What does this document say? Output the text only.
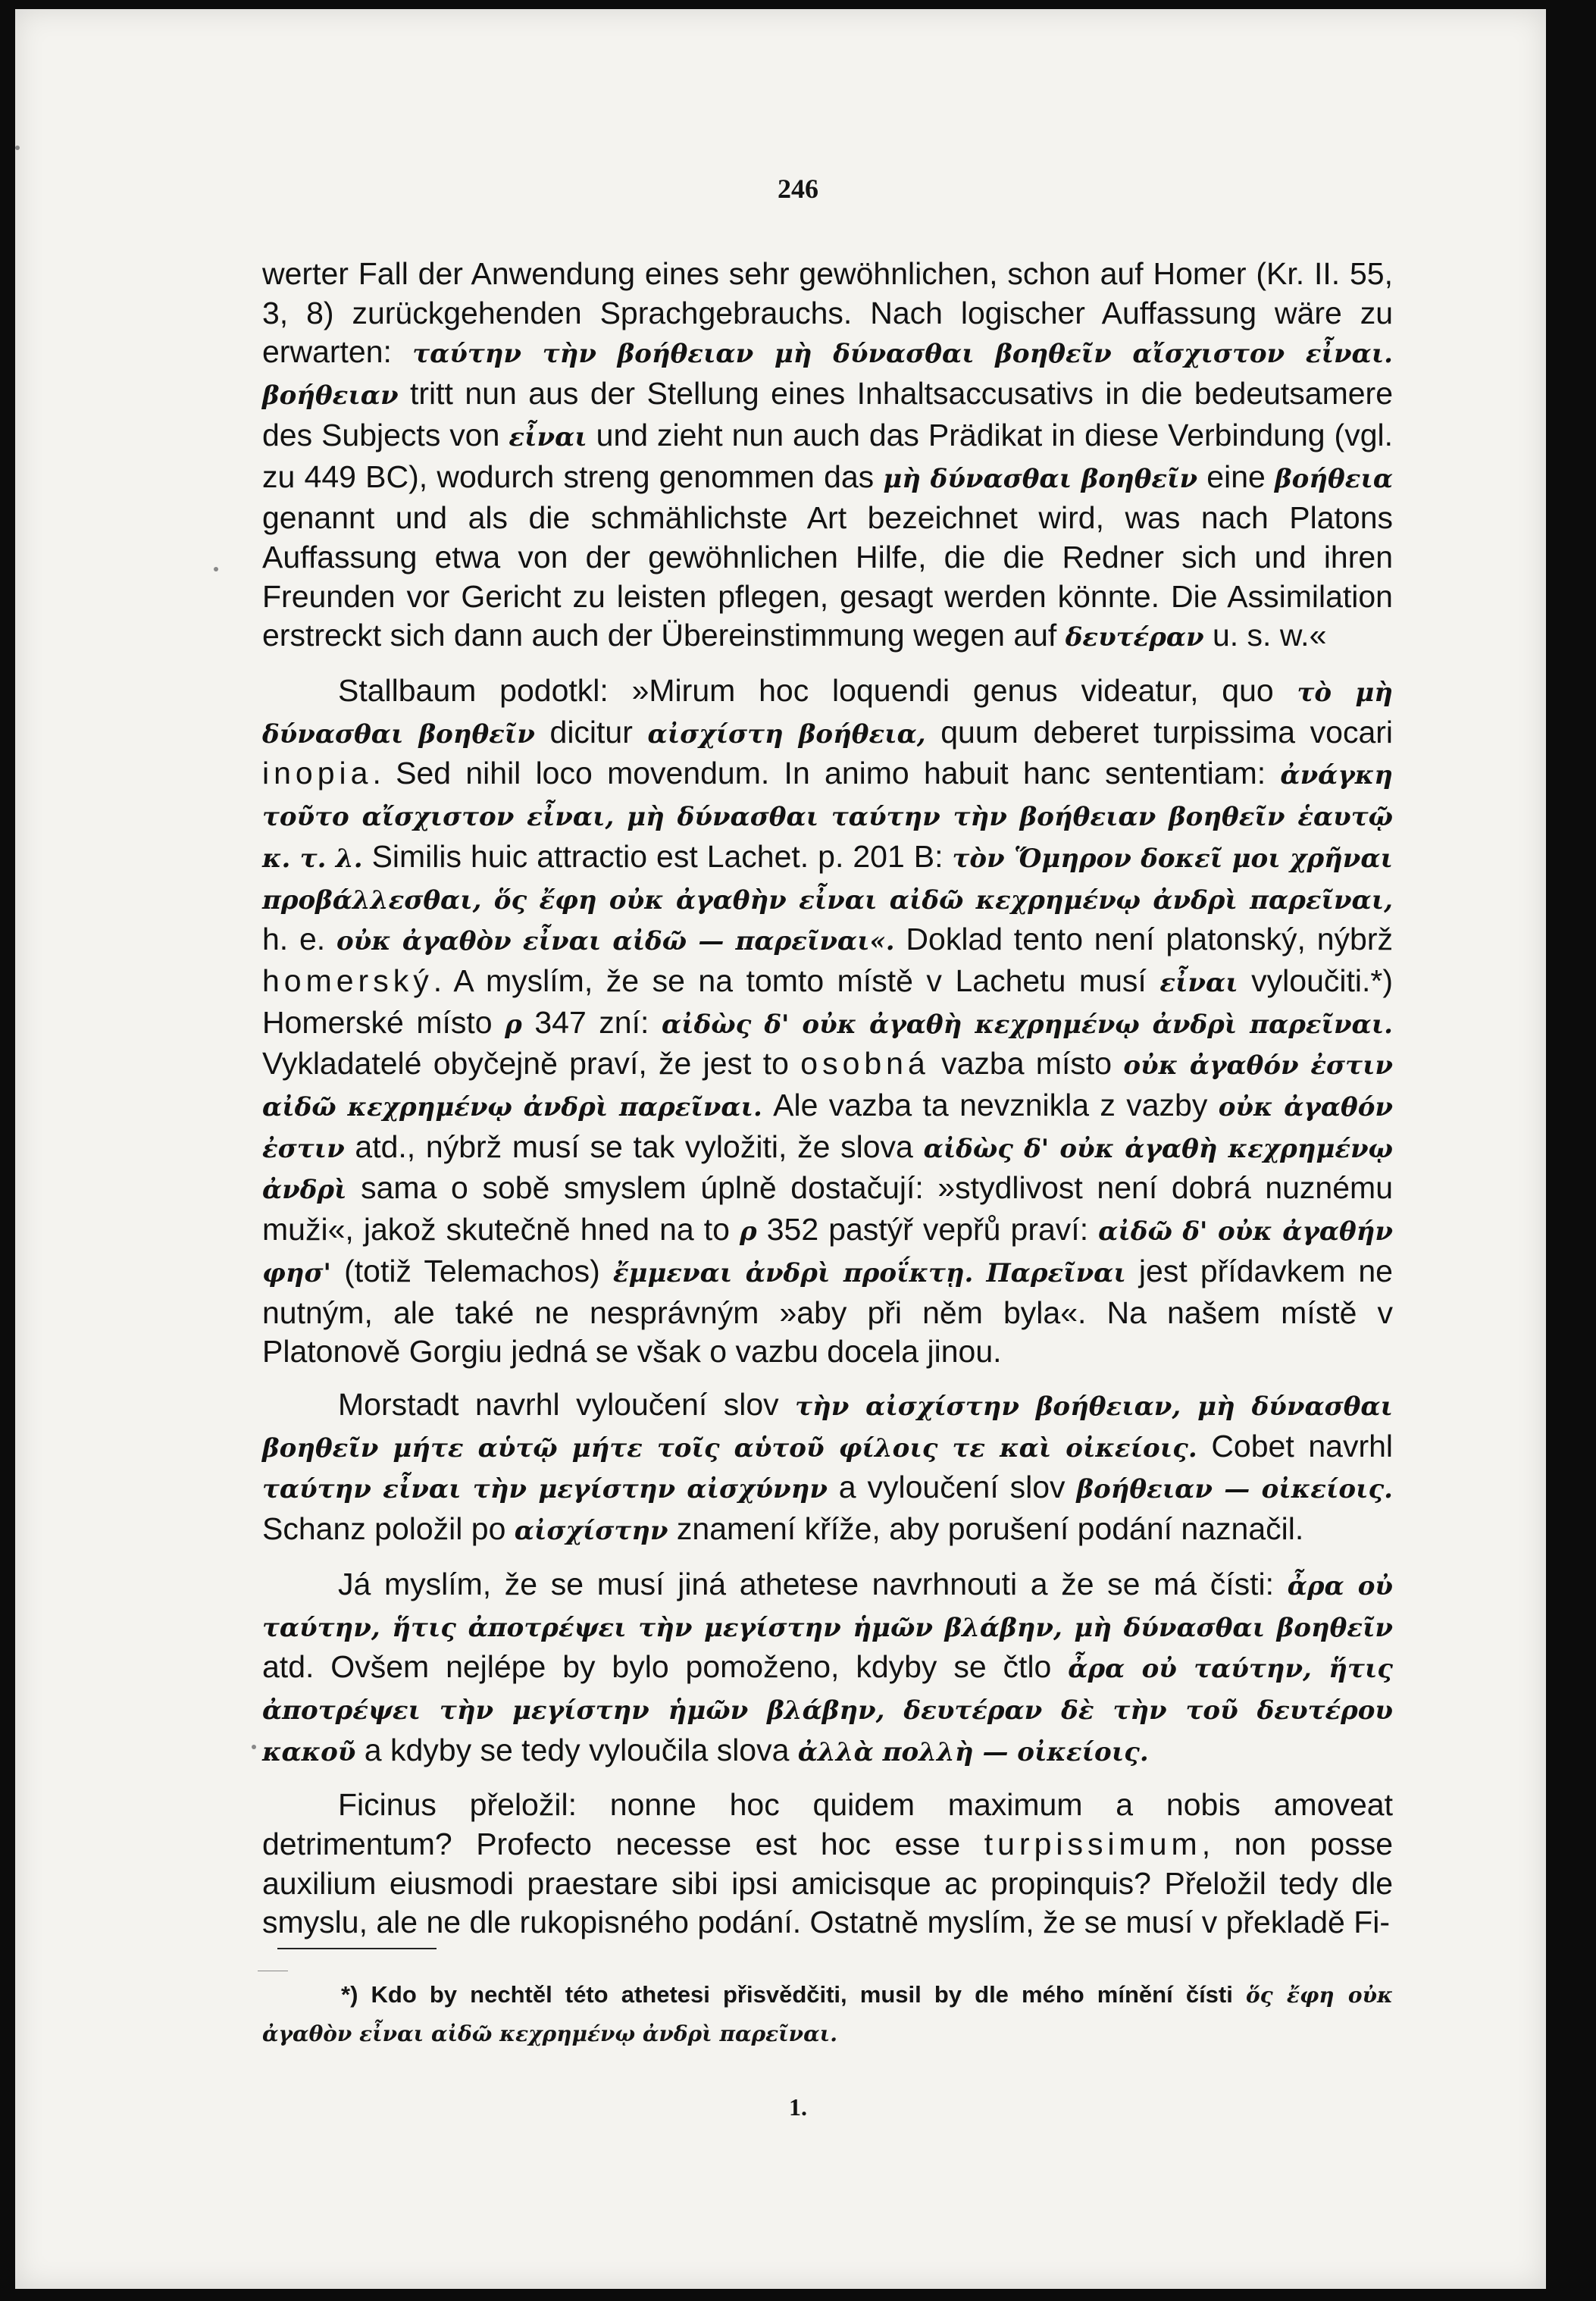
246

werter Fall der Anwendung eines sehr gewöhnlichen, schon auf Homer (Kr. II. 55, 3, 8) zurückgehenden Sprachgebrauchs. Nach logischer Auffassung wäre zu erwarten: ταύτην τὴν βοήθειαν μὴ δύνασθαι βοηθεῖν αἴσχιστον εἶναι. βοήθειαν tritt nun aus der Stellung eines Inhaltsaccusativs in die bedeutsamere des Subjects von εἶναι und zieht nun auch das Prädikat in diese Verbindung (vgl. zu 449 BC), wodurch streng genommen das μὴ δύνασθαι βοηθεῖν eine βοήθεια genannt und als die schmählichste Art bezeichnet wird, was nach Platons Auffassung etwa von der gewöhnlichen Hilfe, die die Redner sich und ihren Freunden vor Gericht zu leisten pflegen, gesagt werden könnte. Die Assimilation erstreckt sich dann auch der Übereinstimmung wegen auf δευτέραν u. s. w.«

Stallbaum podotkl: »Mirum hoc loquendi genus videatur, quo τὸ μὴ δύνασθαι βοηθεῖν dicitur αἰσχίστη βοήθεια, quum deberet turpissima vocari inopia. Sed nihil loco movendum. In animo habuit hanc sententiam: ἀνάγκη τοῦτο αἴσχιστον εἶναι, μὴ δύνασθαι ταύτην τὴν βοήθειαν βοηθεῖν ἑαυτῷ κ. τ. λ. Similis huic attractio est Lachet. p. 201 B: τὸν Ὅμηρον δοκεῖ μοι χρῆναι προβάλλεσθαι, ὅς ἔφη οὐκ ἀγαθὴν εἶναι αἰδῶ κεχρημένῳ ἀνδρὶ παρεῖναι, h. e. οὐκ ἀγαθὸν εἶναι αἰδῶ — παρεῖναι«. Doklad tento není platonský, nýbrž homerský. A myslím, že se na tomto místě v Lachetu musí εἶναι vyloučiti.*) Homerské místo ρ 347 zní: αἰδὼς δ' οὐκ ἀγαθὴ κεχρημένῳ ἀνδρὶ παρεῖναι. Vykladatelé obyčejně praví, že jest to osobná vazba místo οὐκ ἀγαθόν ἐστιν αἰδῶ κεχρημένῳ ἀνδρὶ παρεῖναι. Ale vazba ta nevznikla z vazby οὐκ ἀγαθόν ἐστιν atd., nýbrž musí se tak vyložiti, že slova αἰδὼς δ' οὐκ ἀγαθὴ κεχρημένῳ ἀνδρὶ sama o sobě smyslem úplně dostačují: »stydlivost není dobrá nuznému muži«, jakož skutečně hned na to ρ 352 pastýř vepřů praví: αἰδῶ δ' οὐκ ἀγαθήν φησ' (totiž Telemachos) ἔμμεναι ἀνδρὶ προΐκτῃ. Παρεῖναι jest přídavkem ne nutným, ale také ne nesprávným »aby při něm byla«. Na našem místě v Platonově Gorgiu jedná se však o vazbu docela jinou.

Morstadt navrhl vyloučení slov τὴν αἰσχίστην βοήθειαν, μὴ δύνασθαι βοηθεῖν μήτε αὑτῷ μήτε τοῖς αὑτοῦ φίλοις τε καὶ οἰκείοις. Cobet navrhl ταύτην εἶναι τὴν μεγίστην αἰσχύνην a vyloučení slov βοήθειαν — οἰκείοις. Schanz položil po αἰσχίστην znamení kříže, aby porušení podání naznačil.

Já myslím, že se musí jiná athetese navrhnouti a že se má čísti: ἆρα οὐ ταύτην, ἥτις ἀποτρέψει τὴν μεγίστην ἡμῶν βλάβην, μὴ δύνασθαι βοηθεῖν atd. Ovšem nejlépe by bylo pomoženo, kdyby se čtlo ἆρα οὐ ταύτην, ἥτις ἀποτρέψει τὴν μεγίστην ἡμῶν βλάβην, δευτέραν δὲ τὴν τοῦ δευτέρου κακοῦ a kdyby se tedy vyloučila slova ἀλλὰ πολλὴ — οἰκείοις.

Ficinus přeložil: nonne hoc quidem maximum a nobis amoveat detrimentum? Profecto necesse est hoc esse turpissimum, non posse auxilium eiusmodi praestare sibi ipsi amicisque ac propinquis? Přeložil tedy dle smyslu, ale ne dle rukopisného podání. Ostatně myslím, že se musí v překladě Fi-

*) Kdo by nechtěl této athetesi přisvědčiti, musil by dle mého mínění čísti ὅς ἔφη οὐκ ἀγαθὸν εἶναι αἰδῶ κεχρημένῳ ἀνδρὶ παρεῖναι.
1.
